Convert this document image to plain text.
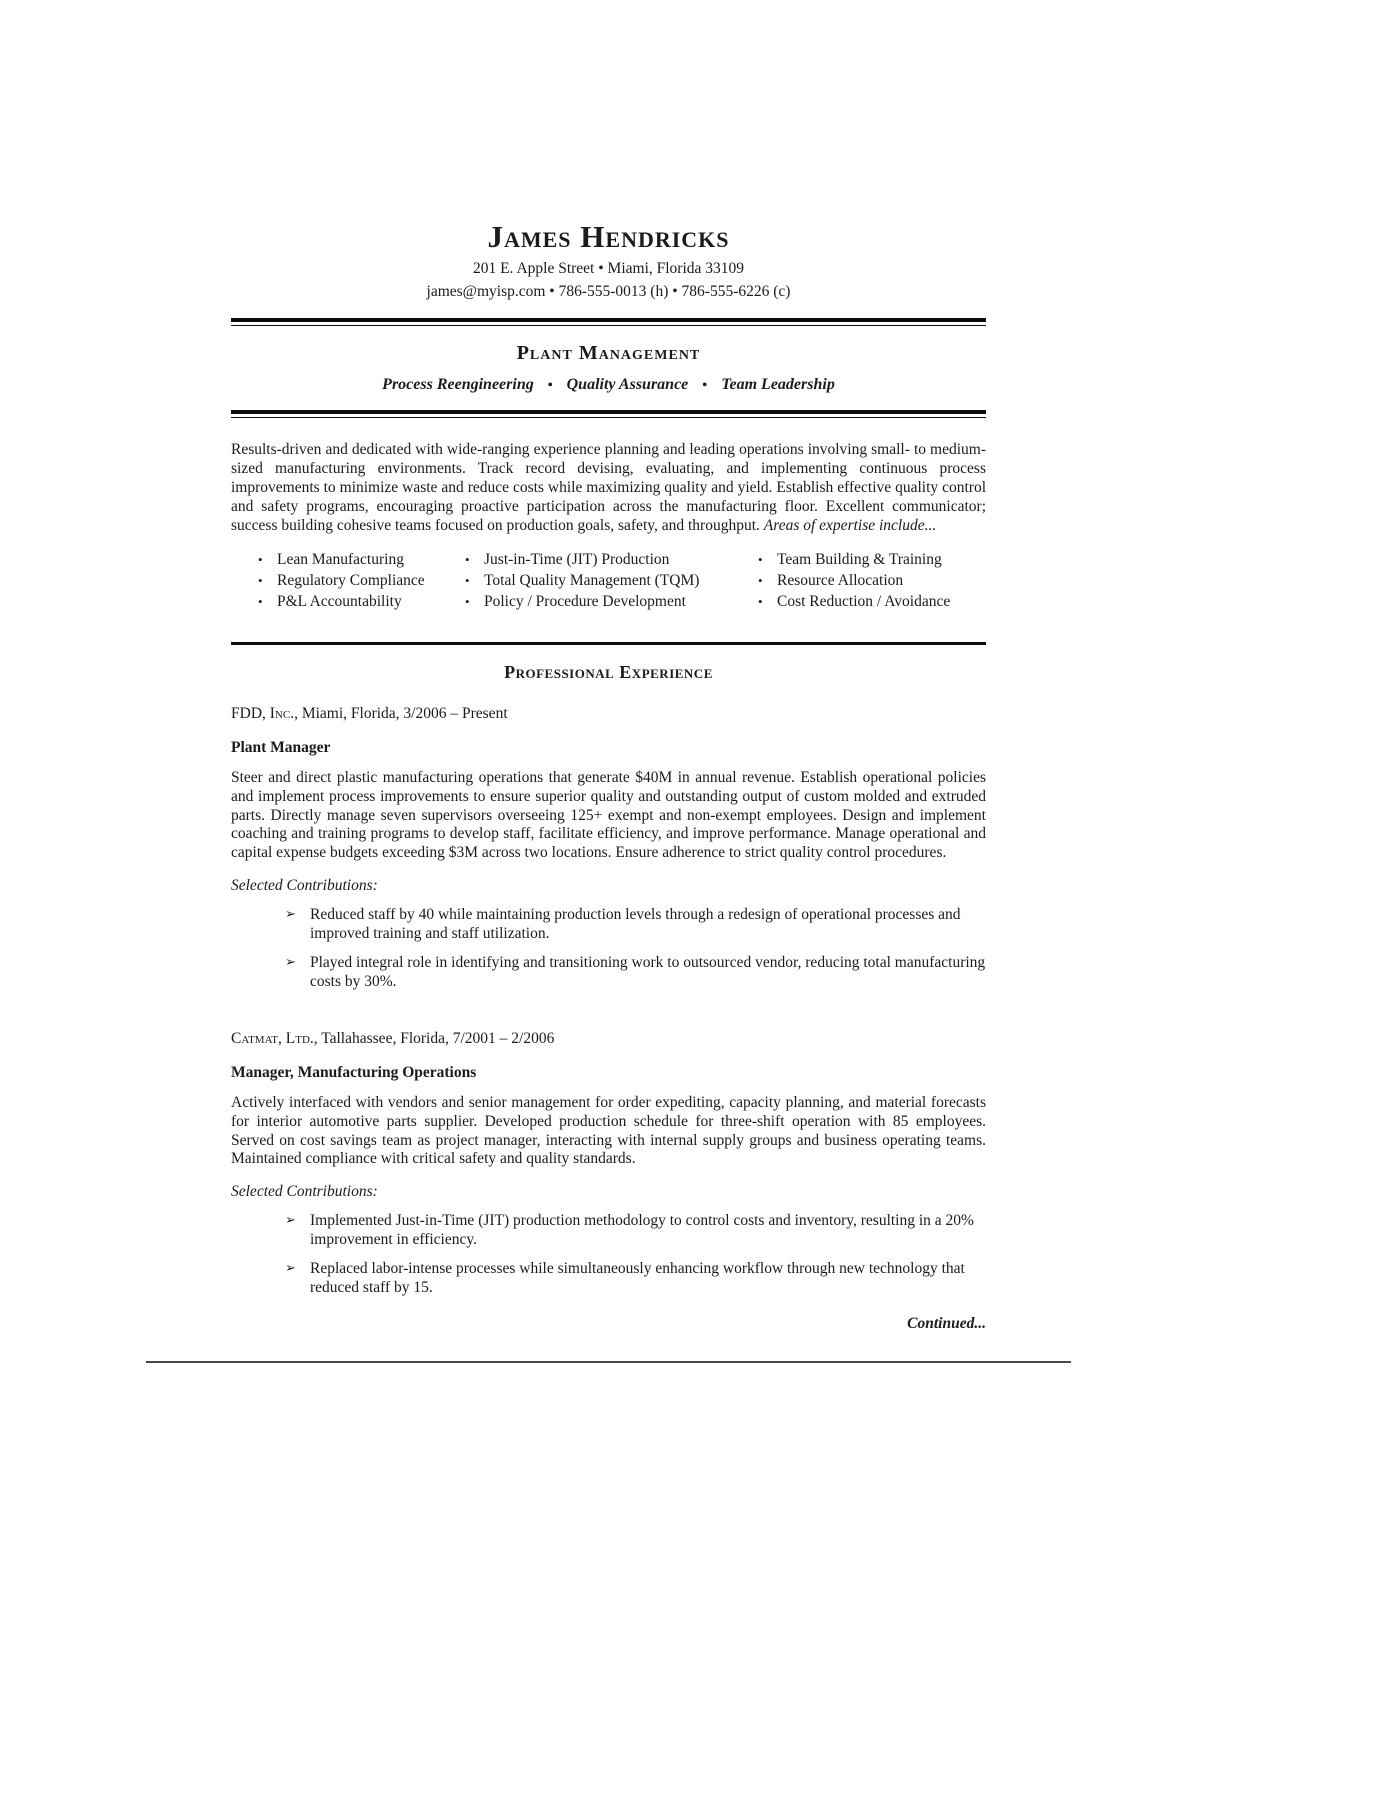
James Hendricks
201 E. Apple Street • Miami, Florida 33109
james@myisp.com • 786-555-0013 (h) • 786-555-6226 (c)
Plant Management
Process Reengineering • Quality Assurance • Team Leadership

Results-driven and dedicated with wide-ranging experience planning and leading operations involving small- to medium-sized manufacturing environments. Track record devising, evaluating, and implementing continuous process improvements to minimize waste and reduce costs while maximizing quality and yield. Establish effective quality control and safety programs, encouraging proactive participation across the manufacturing floor. Excellent communicator; success building cohesive teams focused on production goals, safety, and throughput. Areas of expertise include...

• Lean Manufacturing
• Regulatory Compliance
• P&L Accountability
• Just-in-Time (JIT) Production
• Total Quality Management (TQM)
• Policy / Procedure Development
• Team Building & Training
• Resource Allocation
• Cost Reduction / Avoidance
Professional Experience
FDD, Inc., Miami, Florida, 3/2006 – Present
Plant Manager

Steer and direct plastic manufacturing operations that generate $40M in annual revenue. Establish operational policies and implement process improvements to ensure superior quality and outstanding output of custom molded and extruded parts. Directly manage seven supervisors overseeing 125+ exempt and non-exempt employees. Design and implement coaching and training programs to develop staff, facilitate efficiency, and improve performance. Manage operational and capital expense budgets exceeding $3M across two locations. Ensure adherence to strict quality control procedures.

Selected Contributions:
➢ Reduced staff by 40 while maintaining production levels through a redesign of operational processes and improved training and staff utilization.
➢ Played integral role in identifying and transitioning work to outsourced vendor, reducing total manufacturing costs by 30%.
Catmat, Ltd., Tallahassee, Florida, 7/2001 – 2/2006
Manager, Manufacturing Operations

Actively interfaced with vendors and senior management for order expediting, capacity planning, and material forecasts for interior automotive parts supplier. Developed production schedule for three-shift operation with 85 employees. Served on cost savings team as project manager, interacting with internal supply groups and business operating teams. Maintained compliance with critical safety and quality standards.

Selected Contributions:
➢ Implemented Just-in-Time (JIT) production methodology to control costs and inventory, resulting in a 20% improvement in efficiency.
➢ Replaced labor-intense processes while simultaneously enhancing workflow through new technology that reduced staff by 15.
Continued...
